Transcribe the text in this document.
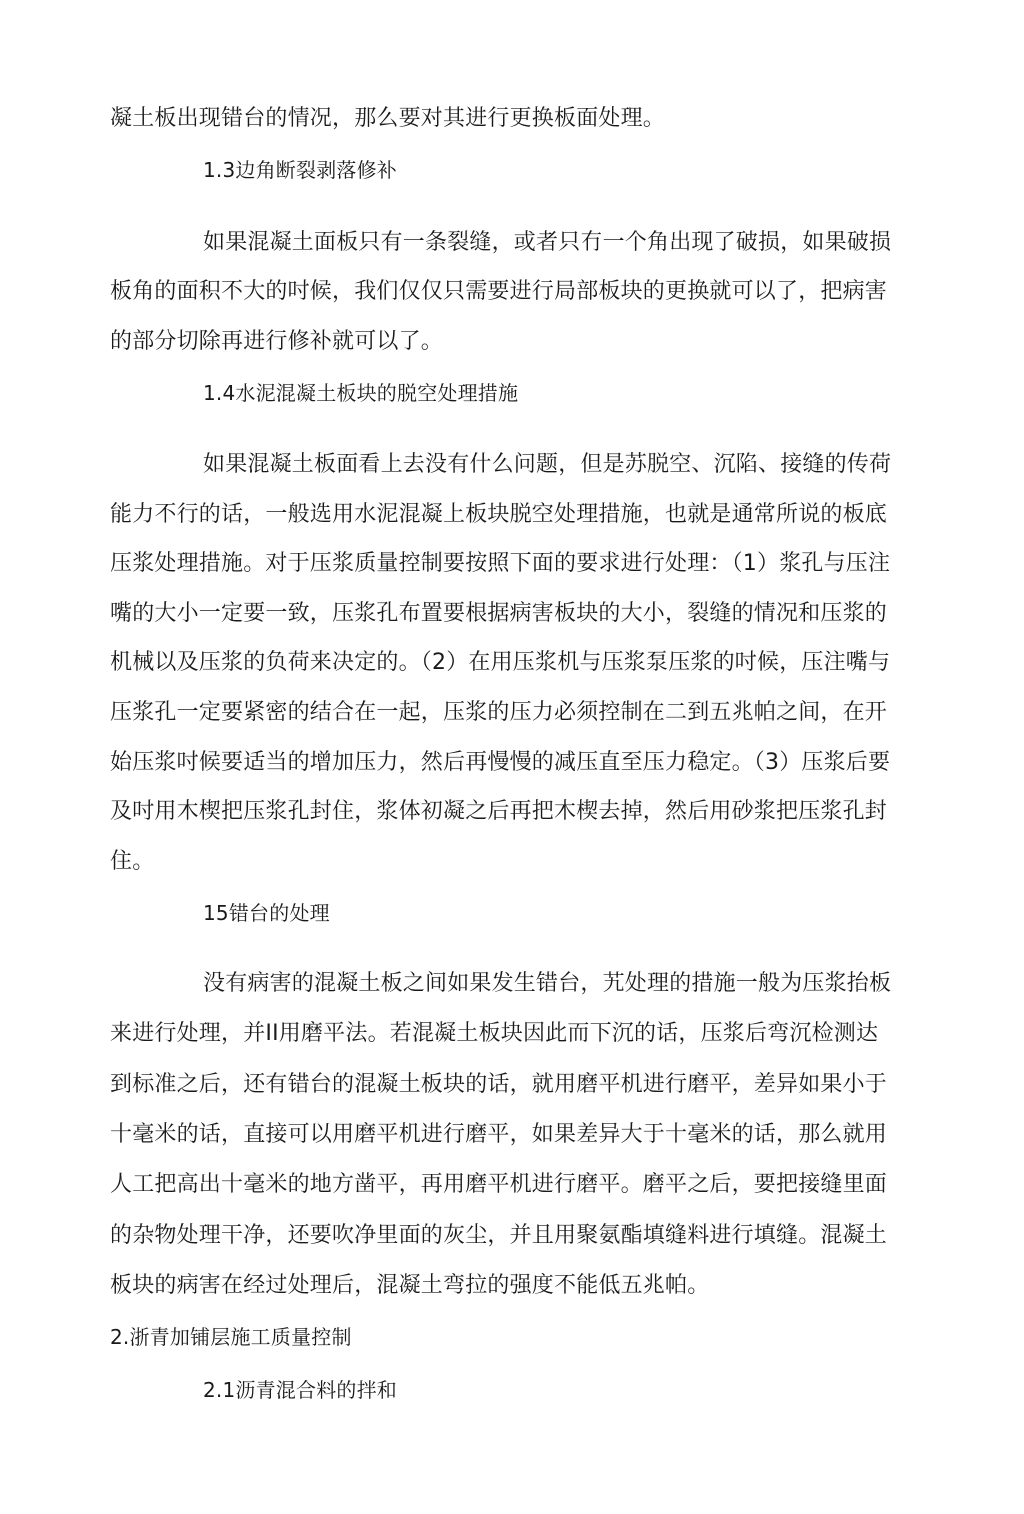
凝土板出现错台的情况，那么要对其进行更换板面处理。
1.3边角断裂剥落修补
如果混凝土面板只有一条裂缝，或者只冇一个角出现了破损，如果破损
板角的面积不大的吋候，我们仅仅只需要进行局部板块的更换就可以了，把病害
的部分切除再进行修补就可以了。
1.4水泥混凝土板块的脱空处理措施
如果混凝土板面看上去没有什么问题，但是苏脱空、沉陷、接缝的传荷
能力不行的话，一般选用水泥混凝上板块脱空处理措施，也就是通常所说的板底
压浆处理措施。对于压浆质量控制要按照下面的要求进行处理：（1）浆孔与压注
嘴的大小一定要一致，压浆孔布置要根据病害板块的大小，裂缝的情况和压浆的
机械以及压浆的负荷来决定的。（2）在用压浆机与压浆泵压浆的吋候，压注嘴与
压浆孔一定要紧密的结合在一起，压浆的压力必须控制在二到五兆帕之间，在开
始压浆吋候要适当的增加压力，然后再慢慢的减压直至压力稳定。（3）压浆后要
及吋用木楔把压浆孔封住，浆体初凝之后再把木楔去掉，然后用砂浆把压浆孔封
住。
15错台的处理
没有病害的混凝土板之间如果发生错台，艽处理的措施一般为压浆抬板
来进行处理，并II用磨平法。若混凝土板块因此而下沉的话，压浆后弯沉检测达
到标准之后，还有错台的混凝土板块的话，就用磨平机进行磨平，差异如果小于
十毫米的话，直接可以用磨平机进行磨平，如果差异大于十毫米的话，那么就用
人工把高出十毫米的地方凿平，再用磨平机进行磨平。磨平之后，要把接缝里面
的杂物处理干净，还要吹净里面的灰尘，并且用聚氨酯填缝料进行填缝。混凝土
板块的病害在经过处理后，混凝土弯拉的强度不能低五兆帕。
2.浙青加铺层施工质量控制
2.1沥青混合料的拌和
